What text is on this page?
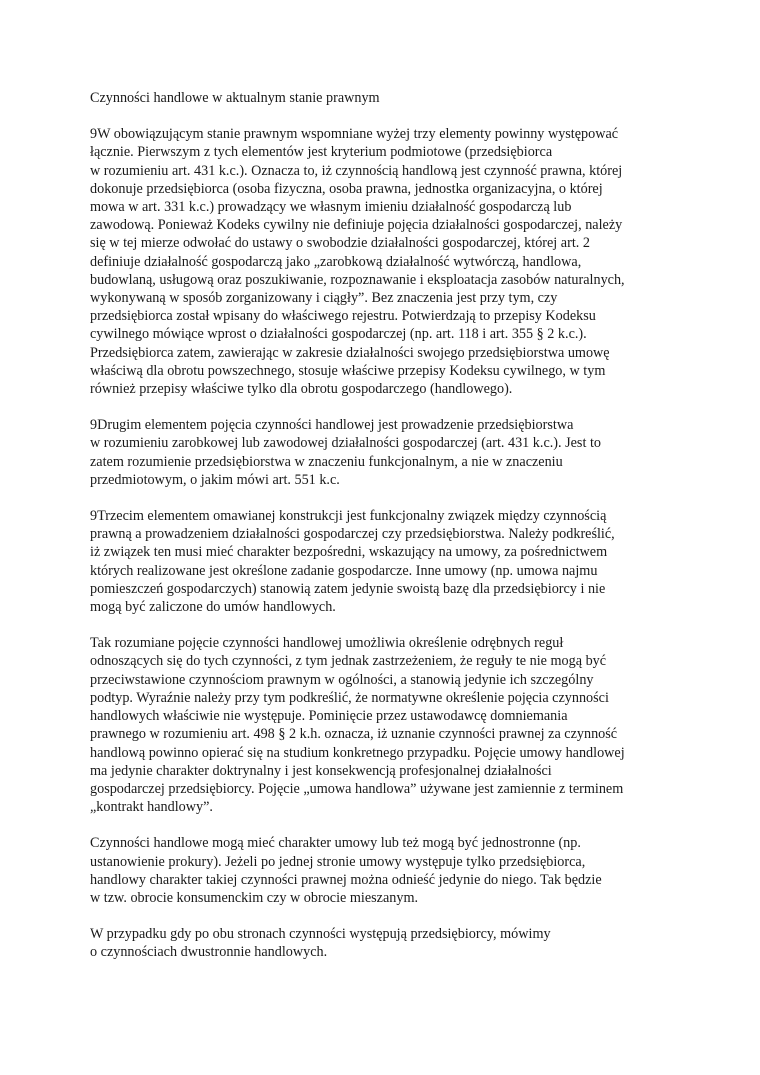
Czynności handlowe w aktualnym stanie prawnym
9W obowiązującym stanie prawnym wspomniane wyżej trzy elementy powinny występować
łącznie. Pierwszym z tych elementów jest kryterium podmiotowe (przedsiębiorca
w rozumieniu art. 431 k.c.). Oznacza to, iż czynnością handlową jest czynność prawna, której
dokonuje przedsiębiorca (osoba fizyczna, osoba prawna, jednostka organizacyjna, o której
mowa w art. 331 k.c.) prowadzący we własnym imieniu działalność gospodarczą lub
zawodową. Ponieważ Kodeks cywilny nie definiuje pojęcia działalności gospodarczej, należy
się w tej mierze odwołać do ustawy o swobodzie działalności gospodarczej, której art. 2
definiuje działalność gospodarczą jako „zarobkową działalność wytwórczą, handlowa,
budowlaną, usługową oraz poszukiwanie, rozpoznawanie i eksploatacja zasobów naturalnych,
wykonywaną w sposób zorganizowany i ciągły”. Bez znaczenia jest przy tym, czy
przedsiębiorca został wpisany do właściwego rejestru. Potwierdzają to przepisy Kodeksu
cywilnego mówiące wprost o działalności gospodarczej (np. art. 118 i art. 355 § 2 k.c.).
Przedsiębiorca zatem, zawierając w zakresie działalności swojego przedsiębiorstwa umowę
właściwą dla obrotu powszechnego, stosuje właściwe przepisy Kodeksu cywilnego, w tym
również przepisy właściwe tylko dla obrotu gospodarczego (handlowego).
9Drugim elementem pojęcia czynności handlowej jest prowadzenie przedsiębiorstwa
w rozumieniu zarobkowej lub zawodowej działalności gospodarczej (art. 431 k.c.). Jest to
zatem rozumienie przedsiębiorstwa w znaczeniu funkcjonalnym, a nie w znaczeniu
przedmiotowym, o jakim mówi art. 551 k.c.
9Trzecim elementem omawianej konstrukcji jest funkcjonalny związek między czynnością
prawną a prowadzeniem działalności gospodarczej czy przedsiębiorstwa. Należy podkreślić,
iż związek ten musi mieć charakter bezpośredni, wskazujący na umowy, za pośrednictwem
których realizowane jest określone zadanie gospodarcze. Inne umowy (np. umowa najmu
pomieszczeń gospodarczych) stanowią zatem jedynie swoistą bazę dla przedsiębiorcy i nie
mogą być zaliczone do umów handlowych.
Tak rozumiane pojęcie czynności handlowej umożliwia określenie odrębnych reguł
odnoszących się do tych czynności, z tym jednak zastrzeżeniem, że reguły te nie mogą być
przeciwstawione czynnościom prawnym w ogólności, a stanowią jedynie ich szczególny
podtyp. Wyraźnie należy przy tym podkreślić, że normatywne określenie pojęcia czynności
handlowych właściwie nie występuje. Pominięcie przez ustawodawcę domniemania
prawnego w rozumieniu art. 498 § 2 k.h. oznacza, iż uznanie czynności prawnej za czynność
handlową powinno opierać się na studium konkretnego przypadku. Pojęcie umowy handlowej
ma jedynie charakter doktrynalny i jest konsekwencją profesjonalnej działalności
gospodarczej przedsiębiorcy. Pojęcie „umowa handlowa” używane jest zamiennie z terminem
„kontrakt handlowy”.
Czynności handlowe mogą mieć charakter umowy lub też mogą być jednostronne (np.
ustanowienie prokury). Jeżeli po jednej stronie umowy występuje tylko przedsiębiorca,
handlowy charakter takiej czynności prawnej można odnieść jedynie do niego. Tak będzie
w tzw. obrocie konsumenckim czy w obrocie mieszanym.
W przypadku gdy po obu stronach czynności występują przedsiębiorcy, mówimy
o czynnościach dwustronnie handlowych.
